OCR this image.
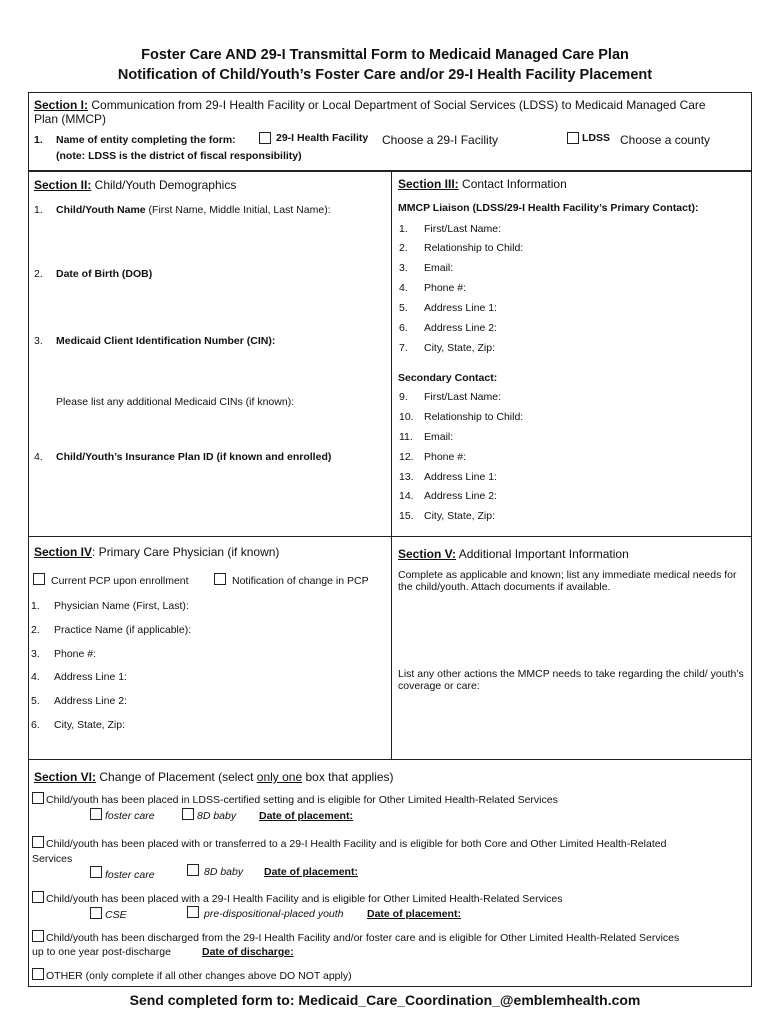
Foster Care AND 29-I Transmittal Form to Medicaid Managed Care Plan
Notification of Child/Youth’s Foster Care and/or 29-I Health Facility Placement
Section I: Communication from 29-I Health Facility or Local Department of Social Services (LDSS) to Medicaid Managed Care
Plan (MMCP)
1. Name of entity completing the form:	29-I Health Facility Choose a 29-I Facility	LDSS Choose a county
(note: LDSS is the district of fiscal responsibility)
Section II: Child/Youth Demographics
1. Child/Youth Name (First Name, Middle Initial, Last Name):
2. Date of Birth (DOB)
3. Medicaid Client Identification Number (CIN):
Please list any additional Medicaid CINs (if known):
4. Child/Youth’s Insurance Plan ID (if known and enrolled)
Section III: Contact Information
MMCP Liaison (LDSS/29-I Health Facility’s Primary Contact):
1. First/Last Name:
2. Relationship to Child:
3. Email:
4. Phone #:
5. Address Line 1:
6. Address Line 2:
7. City, State, Zip:
Secondary Contact:
9. First/Last Name:
10. Relationship to Child:
11. Email:
12. Phone #:
13. Address Line 1:
14. Address Line 2:
15. City, State, Zip:
Section IV: Primary Care Physician (if known)
Current PCP upon enrollment	Notification of change in PCP
1. Physician Name (First, Last):
2. Practice Name (if applicable):
3. Phone #:
4. Address Line 1:
5. Address Line 2:
6. City, State, Zip:
Section V: Additional Important Information
Complete as applicable and known; list any immediate medical needs for the child/youth. Attach documents if available.
List any other actions the MMCP needs to take regarding the child/ youth’s coverage or care:
Section VI: Change of Placement (select only one box that applies)
Child/youth has been placed in LDSS-certified setting and is eligible for Other Limited Health-Related Services
foster care	8D baby Date of placement:
Child/youth has been placed with or transferred to a 29-I Health Facility and is eligible for both Core and Other Limited Health-Related
Services
foster care	8D baby Date of placement:
Child/youth has been placed with a 29-I Health Facility and is eligible for Other Limited Health-Related Services
CSE	pre-dispositional-placed youth Date of placement:
Child/youth has been discharged from the 29-I Health Facility and/or foster care and is eligible for Other Limited Health-Related Services
up to one year post-discharge	Date of discharge:
OTHER (only complete if all other changes above DO NOT apply)
Send completed form to: Medicaid_Care_Coordination_@emblemhealth.com
